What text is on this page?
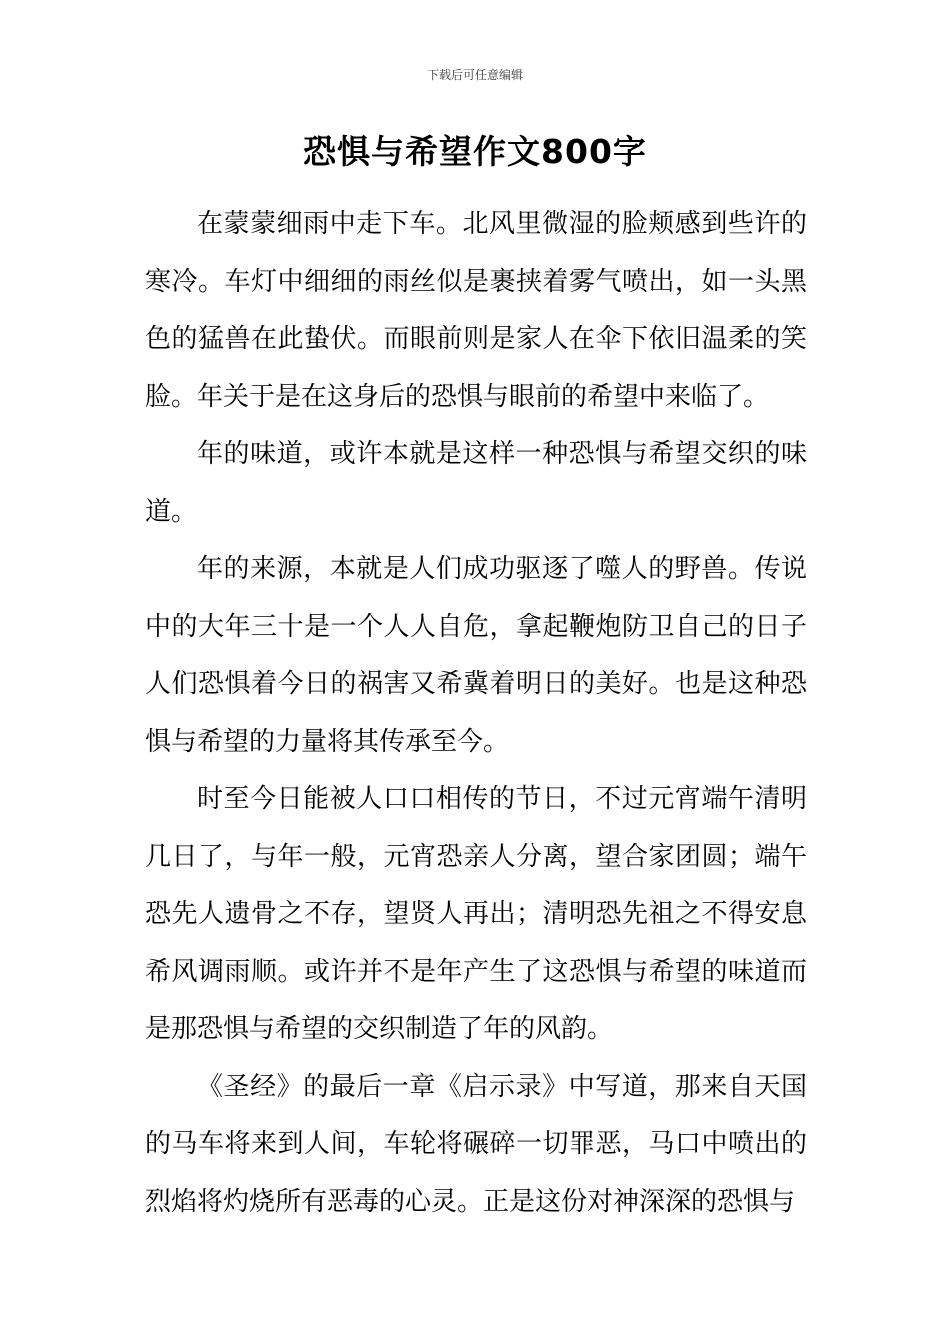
下载后可任意编辑
恐惧与希望作文800字

在蒙蒙细雨中走下车。北风里微湿的脸颊感到些许的寒冷。车灯中细细的雨丝似是裹挟着雾气喷出，如一头黑色的猛兽在此蛰伏。而眼前则是家人在伞下依旧温柔的笑脸。年关于是在这身后的恐惧与眼前的希望中来临了。

年的味道，或许本就是这样一种恐惧与希望交织的味道。

年的来源，本就是人们成功驱逐了噬人的野兽。传说中的大年三十是一个人人自危，拿起鞭炮防卫自己的日子人们恐惧着今日的祸害又希冀着明日的美好。也是这种恐惧与希望的力量将其传承至今。

时至今日能被人口口相传的节日，不过元宵端午清明几日了，与年一般，元宵恐亲人分离，望合家团圆；端午恐先人遗骨之不存，望贤人再出；清明恐先祖之不得安息希风调雨顺。或许并不是年产生了这恐惧与希望的味道而是那恐惧与希望的交织制造了年的风韵。

《圣经》的最后一章《启示录》中写道，那来自天国的马车将来到人间，车轮将碾碎一切罪恶，马口中喷出的烈焰将灼烧所有恶毒的心灵。正是这份对神深深的恐惧与
